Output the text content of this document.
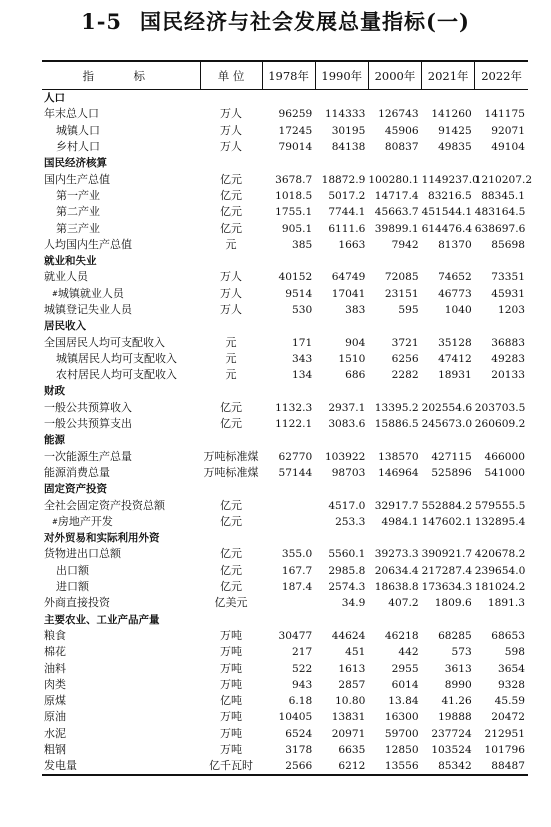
1-5 国民经济与社会发展总量指标(一)
指　标	单 位	1978年	1990年	2000年	2021年	2022年
人口						
年末总人口	万人	96259	114333	126743	141260	141175
城镇人口	万人	17245	30195	45906	91425	92071
乡村人口	万人	79014	84138	80837	49835	49104
国民经济核算						
国内生产总值	亿元	3678.7	18872.9	100280.1	1149237.0	1210207.2
第一产业	亿元	1018.5	5017.2	14717.4	83216.5	88345.1
第二产业	亿元	1755.1	7744.1	45663.7	451544.1	483164.5
第三产业	亿元	905.1	6111.6	39899.1	614476.4	638697.6
人均国内生产总值	元	385	1663	7942	81370	85698
就业和失业						
就业人员	万人	40152	64749	72085	74652	73351
#城镇就业人员	万人	9514	17041	23151	46773	45931
城镇登记失业人员	万人	530	383	595	1040	1203
居民收入						
全国居民人均可支配收入	元	171	904	3721	35128	36883
城镇居民人均可支配收入	元	343	1510	6256	47412	49283
农村居民人均可支配收入	元	134	686	2282	18931	20133
财政						
一般公共预算收入	亿元	1132.3	2937.1	13395.2	202554.6	203703.5
一般公共预算支出	亿元	1122.1	3083.6	15886.5	245673.0	260609.2
能源						
一次能源生产总量	万吨标准煤	62770	103922	138570	427115	466000
能源消费总量	万吨标准煤	57144	98703	146964	525896	541000
固定资产投资						
全社会固定资产投资总额	亿元		4517.0	32917.7	552884.2	579555.5
#房地产开发	亿元		253.3	4984.1	147602.1	132895.4
对外贸易和实际利用外资						
货物进出口总额	亿元	355.0	5560.1	39273.3	390921.7	420678.2
出口额	亿元	167.7	2985.8	20634.4	217287.4	239654.0
进口额	亿元	187.4	2574.3	18638.8	173634.3	181024.2
外商直接投资	亿美元		34.9	407.2	1809.6	1891.3
主要农业、工业产品产量						
粮食	万吨	30477	44624	46218	68285	68653
棉花	万吨	217	451	442	573	598
油料	万吨	522	1613	2955	3613	3654
肉类	万吨	943	2857	6014	8990	9328
原煤	亿吨	6.18	10.80	13.84	41.26	45.59
原油	万吨	10405	13831	16300	19888	20472
水泥	万吨	6524	20971	59700	237724	212951
粗钢	万吨	3178	6635	12850	103524	101796
发电量	亿千瓦时	2566	6212	13556	85342	88487
